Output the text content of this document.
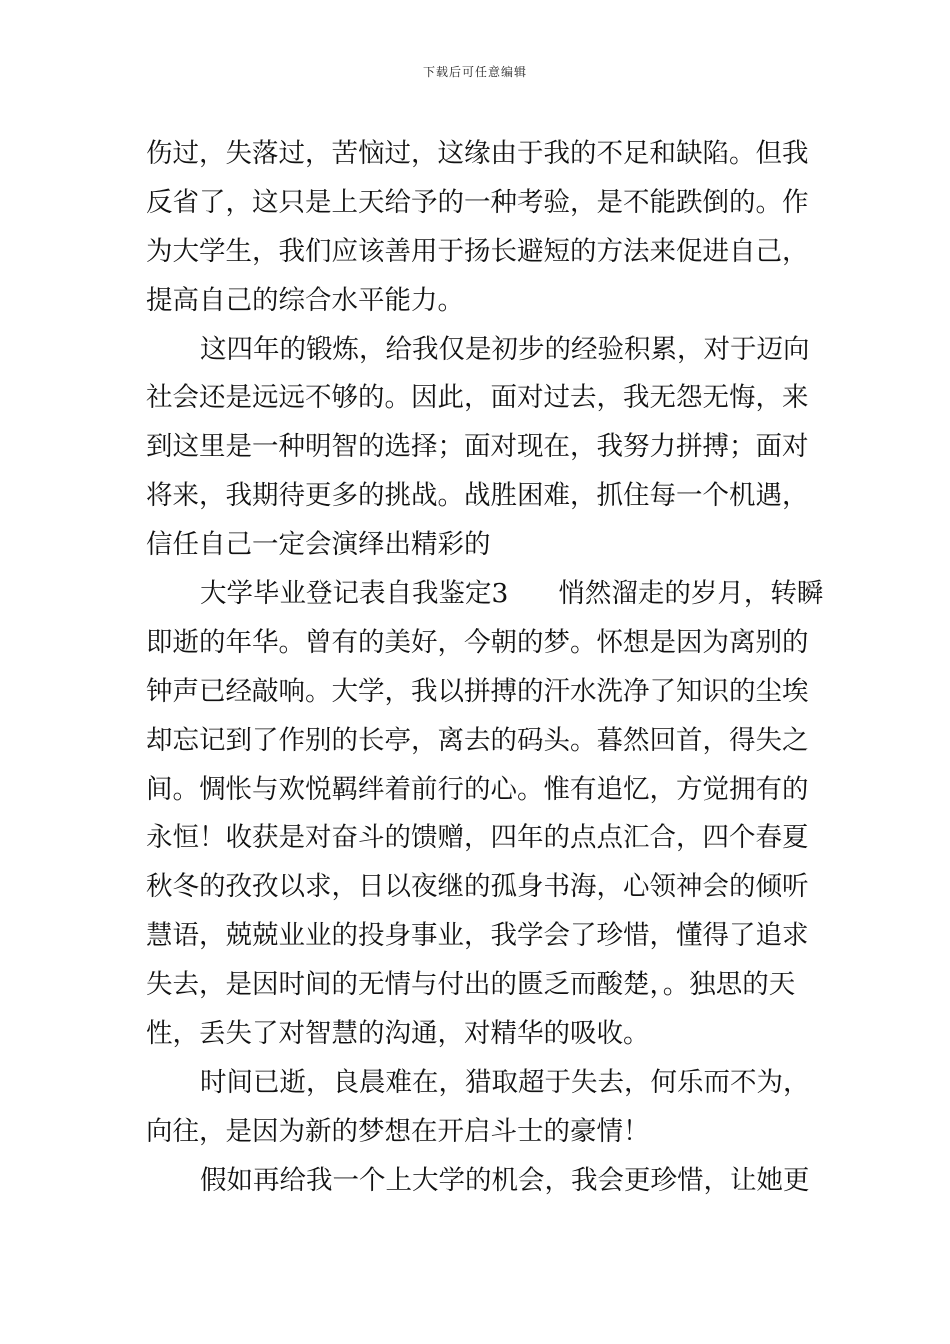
下载后可任意编辑
伤过，失落过，苦恼过，这缘由于我的不足和缺陷。但我
反省了，这只是上天给予的一种考验，是不能跌倒的。作
为大学生，我们应该善用于扬长避短的方法来促进自己，
提高自己的综合水平能力。
这四年的锻炼，给我仅是初步的经验积累，对于迈向
社会还是远远不够的。因此，面对过去，我无怨无悔，来
到这里是一种明智的选择；面对现在，我努力拼搏；面对
将来，我期待更多的挑战。战胜困难，抓住每一个机遇，
信任自己一定会演绎出精彩的
大学毕业登记表自我鉴定3 悄然溜走的岁月，转瞬
即逝的年华。曾有的美好，今朝的梦。怀想是因为离别的
钟声已经敲响。大学，我以拼搏的汗水洗净了知识的尘埃
却忘记到了作别的长亭，离去的码头。暮然回首，得失之
间。惆怅与欢悦羁绊着前行的心。惟有追忆，方觉拥有的
永恒！收获是对奋斗的馈赠，四年的点点汇合，四个春夏
秋冬的孜孜以求，日以夜继的孤身书海，心领神会的倾听
慧语，兢兢业业的投身事业，我学会了珍惜，懂得了追求
失去，是因时间的无情与付出的匮乏而酸楚，。独思的天
性，丢失了对智慧的沟通，对精华的吸收。
时间已逝，良晨难在，猎取超于失去，何乐而不为，
向往，是因为新的梦想在开启斗士的豪情！
假如再给我一个上大学的机会，我会更珍惜，让她更
